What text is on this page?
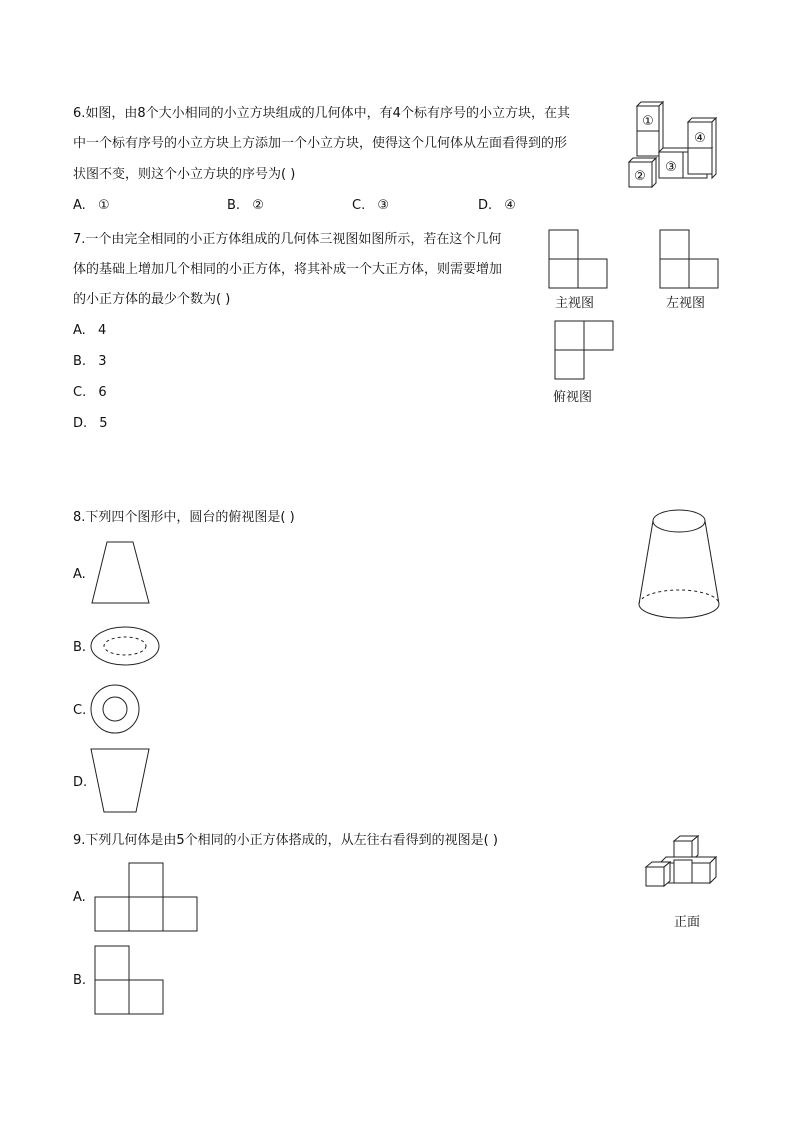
6.如图，由8个大小相同的小立方块组成的几何体中，有4个标有序号的小立方块，在其
中一个标有序号的小立方块上方添加一个小立方块，使得这个几何体从左面看得到的形
状图不变，则这个小立方块的序号为( )
A. ①	B. ②	C. ③	D. ④
①
②
③
④
7.一个由完全相同的小正方体组成的几何体三视图如图所示，若在这个几何
体的基础上增加几个相同的小正方体，将其补成一个大正方体，则需要增加
的小正方体的最少个数为( )
A. 4
B. 3
C. 6
D. 5
主视图	左视图
俯视图
8.下列四个图形中，圆台的俯视图是( )
A.
B.
C.
D.
9.下列几何体是由5个相同的小正方体搭成的，从左往右看得到的视图是( )
正面
A.
B.
